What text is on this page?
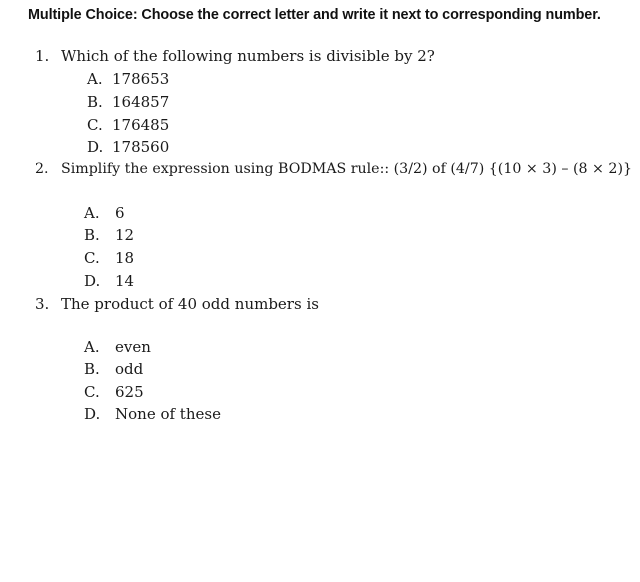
Multiple Choice: Choose the correct letter and write it next to corresponding number.
1. Which of the following numbers is divisible by 2?
A. 178653
B. 164857
C. 176485
D. 178560
2. Simplify the expression using BODMAS rule:: (3/2) of (4/7) {(10 × 3) – (8 × 2)}
A. 6
B. 12
C. 18
D. 14
3. The product of 40 odd numbers is
A. even
B. odd
C. 625
D. None of these
